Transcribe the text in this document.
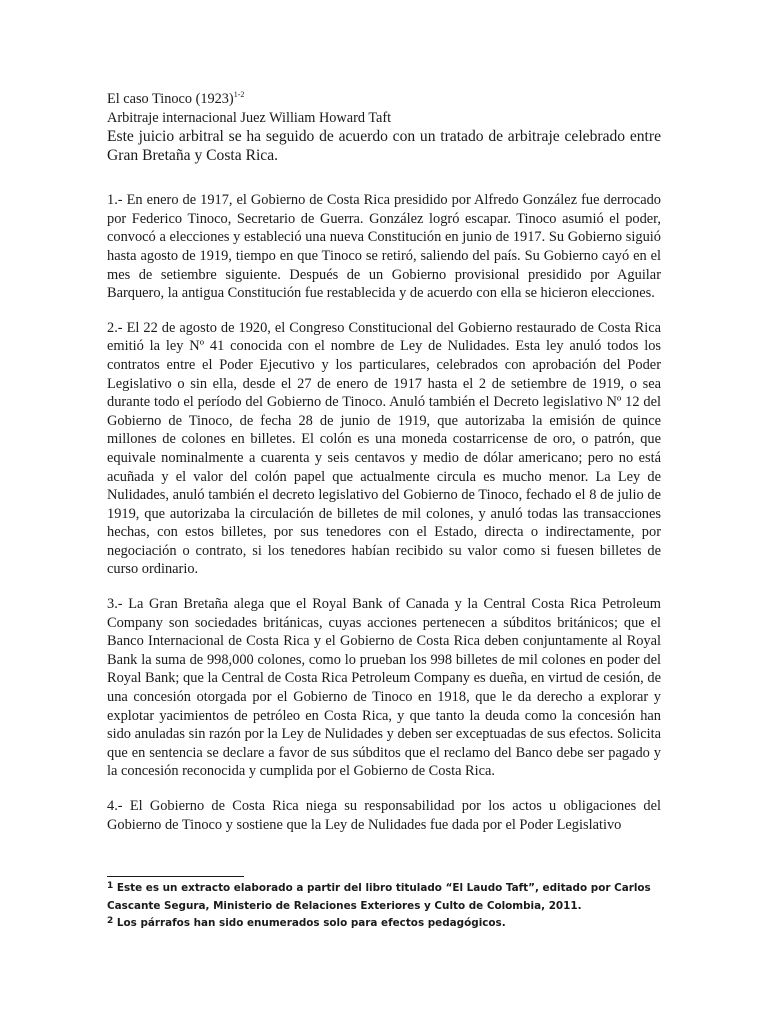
El caso Tinoco $(1923)^{1-2}$

Arbitraje internacional Juez William Howard Taft

Este juicio arbitral se ha seguido de acuerdo con un tratado de arbitraje celebrado entre Gran Bretaña y Costa Rica.

1.- En enero de 1917, el Gobierno de Costa Rica presidido por Alfredo González fue derrocado por Federico Tinoco, Secretario de Guerra. González logró escapar. Tinoco asumió el poder, convocó a elecciones y estableció una nueva Constitución en junio de 1917. Su Gobierno siguió hasta agosto de 1919, tiempo en que Tinoco se retiró, saliendo del país. Su Gobierno cayó en el mes de setiembre siguiente. Después de un Gobierno provisional presidido por Aguilar Barquero, la antigua Constitución fue restablecida y de acuerdo con ella se hicieron elecciones.

2.- El 22 de agosto de 1920, el Congreso Constitucional del Gobierno restaurado de Costa Rica emitió la ley Nº 41 conocida con el nombre de Ley de Nulidades. Esta ley anuló todos los contratos entre el Poder Ejecutivo y los particulares, celebrados con aprobación del Poder Legislativo o sin ella, desde el 27 de enero de 1917 hasta el 2 de setiembre de 1919, o sea durante todo el período del Gobierno de Tinoco. Anuló también el Decreto legislativo Nº 12 del Gobierno de Tinoco, de fecha 28 de junio de 1919, que autorizaba la emisión de quince millones de colones en billetes. El colón es una moneda costarricense de oro, o patrón, que equivale nominalmente a cuarenta y seis centavos y medio de dólar americano; pero no está acuñada y el valor del colón papel que actualmente circula es mucho menor. La Ley de Nulidades, anuló también el decreto legislativo del Gobierno de Tinoco, fechado el 8 de julio de 1919, que autorizaba la circulación de billetes de mil colones, y anuló todas las transacciones hechas, con estos billetes, por sus tenedores con el Estado, directa o indirectamente, por negociación o contrato, si los tenedores habían recibido su valor como si fuesen billetes de curso ordinario.

3.- La Gran Bretaña alega que el Royal Bank of Canada y la Central Costa Rica Petroleum Company son sociedades británicas, cuyas acciones pertenecen a súbditos británicos; que el Banco Internacional de Costa Rica y el Gobierno de Costa Rica deben conjuntamente al Royal Bank la suma de 998,000 colones, como lo prueban los 998 billetes de mil colones en poder del Royal Bank; que la Central de Costa Rica Petroleum Company es dueña, en virtud de cesión, de una concesión otorgada por el Gobierno de Tinoco en 1918, que le da derecho a explorar y explotar yacimientos de petróleo en Costa Rica, y que tanto la deuda como la concesión han sido anuladas sin razón por la Ley de Nulidades y deben ser exceptuadas de sus efectos. Solicita que en sentencia se declare a favor de sus súbditos que el reclamo del Banco debe ser pagado y la concesión reconocida y cumplida por el Gobierno de Costa Rica.

4.- El Gobierno de Costa Rica niega su responsabilidad por los actos u obligaciones del Gobierno de Tinoco y sostiene que la Ley de Nulidades fue dada por el Poder Legislativo

$^1$ Este es un extracto elaborado a partir del libro titulado “El Laudo Taft”, editado por Carlos Cascante Segura, Ministerio de Relaciones Exteriores y Culto de Colombia, 2011.

$^2$ Los párrafos han sido enumerados solo para efectos pedagógicos.
